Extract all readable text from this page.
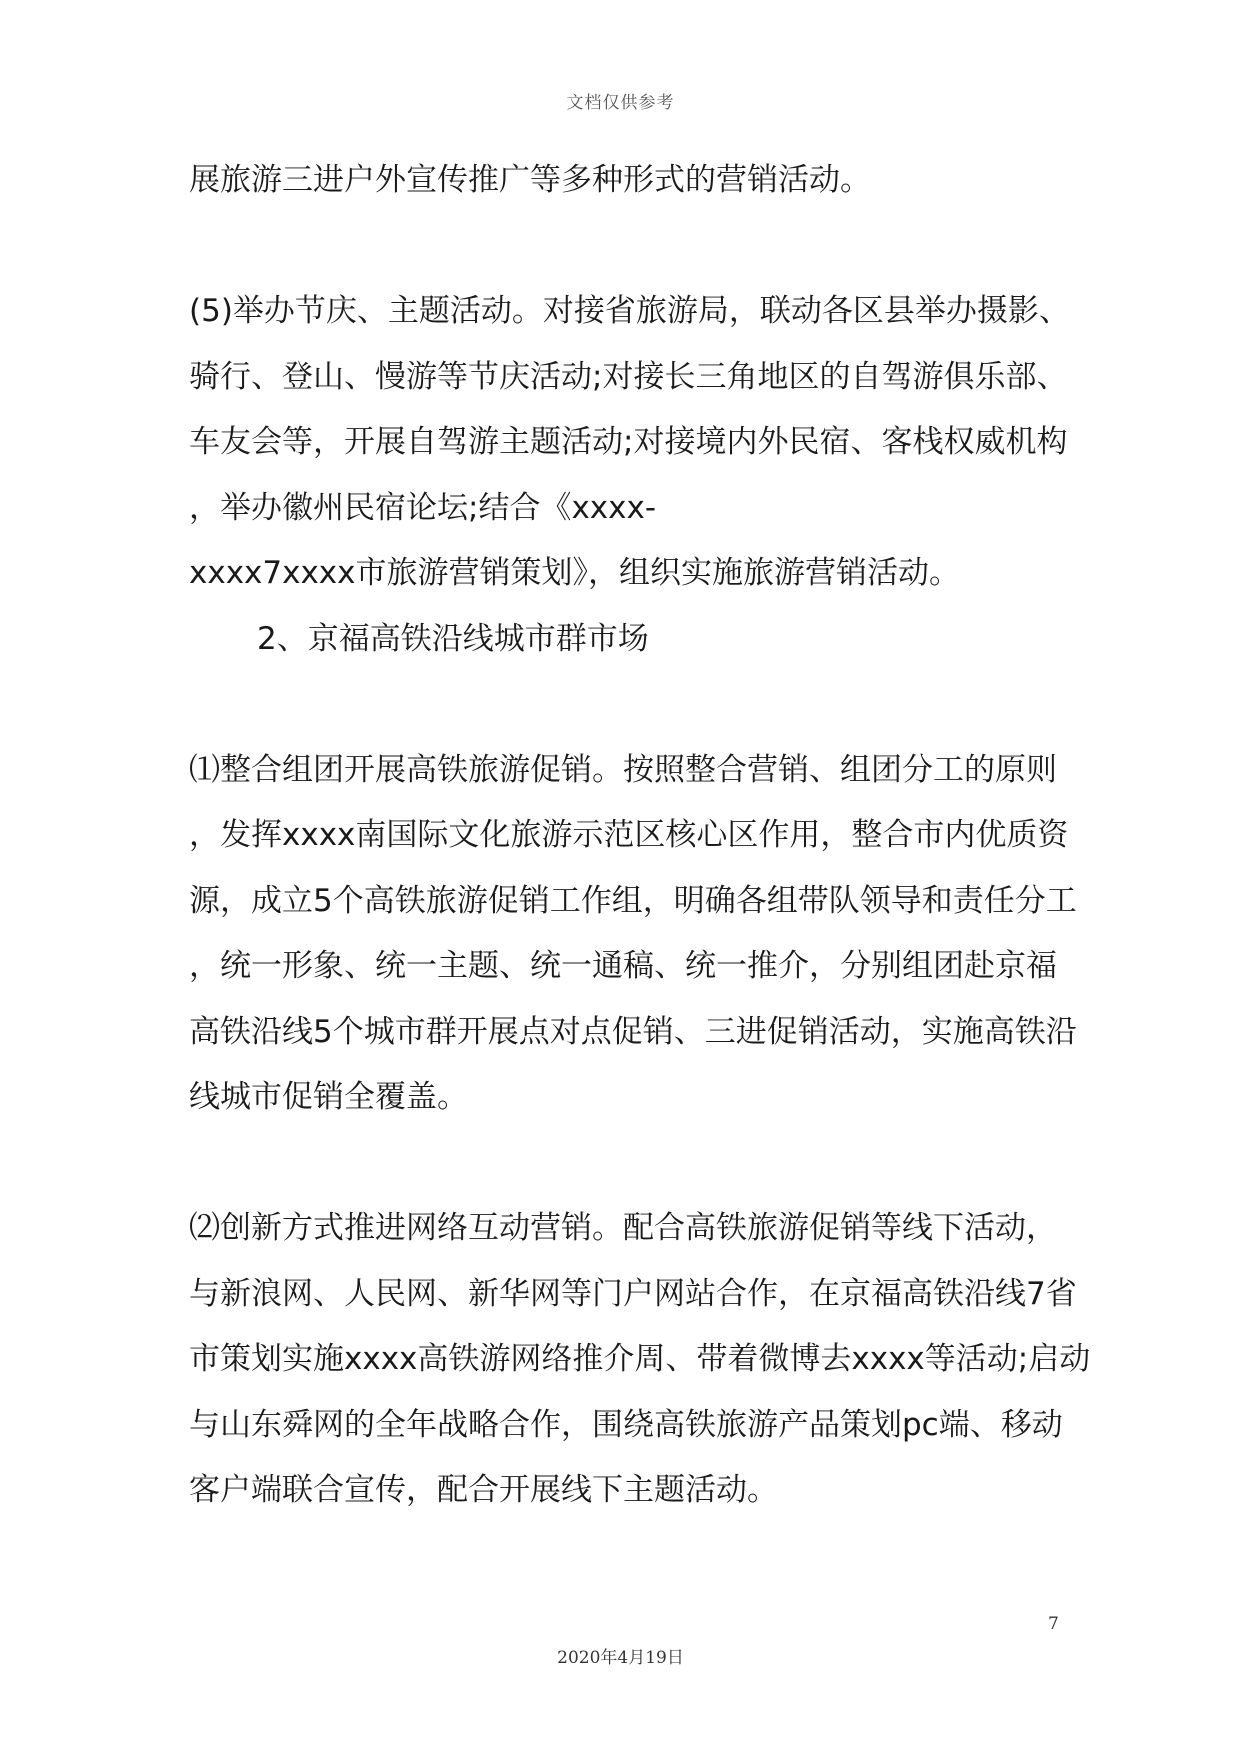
文档仅供参考
展旅游三进户外宣传推广等多种形式的营销活动。
(5)举办节庆、主题活动。对接省旅游局，联动各区县举办摄影、
骑行、登山、慢游等节庆活动;对接长三角地区的自驾游俱乐部、
车友会等，开展自驾游主题活动;对接境内外民宿、客栈权威机构
，举办徽州民宿论坛;结合《xxxx-
xxxx7xxxx市旅游营销策划》，组织实施旅游营销活动。
2、京福高铁沿线城市群市场
⑴整合组团开展高铁旅游促销。按照整合营销、组团分工的原则
，发挥xxxx南国际文化旅游示范区核心区作用，整合市内优质资
源，成立5个高铁旅游促销工作组，明确各组带队领导和责任分工
，统一形象、统一主题、统一通稿、统一推介，分别组团赴京福
高铁沿线5个城市群开展点对点促销、三进促销活动，实施高铁沿
线城市促销全覆盖。
⑵创新方式推进网络互动营销。配合高铁旅游促销等线下活动，
与新浪网、人民网、新华网等门户网站合作，在京福高铁沿线7省
市策划实施xxxx高铁游网络推介周、带着微博去xxxx等活动;启动
与山东舜网的全年战略合作，围绕高铁旅游产品策划pc端、移动
客户端联合宣传，配合开展线下主题活动。
7
2020年4月19日
